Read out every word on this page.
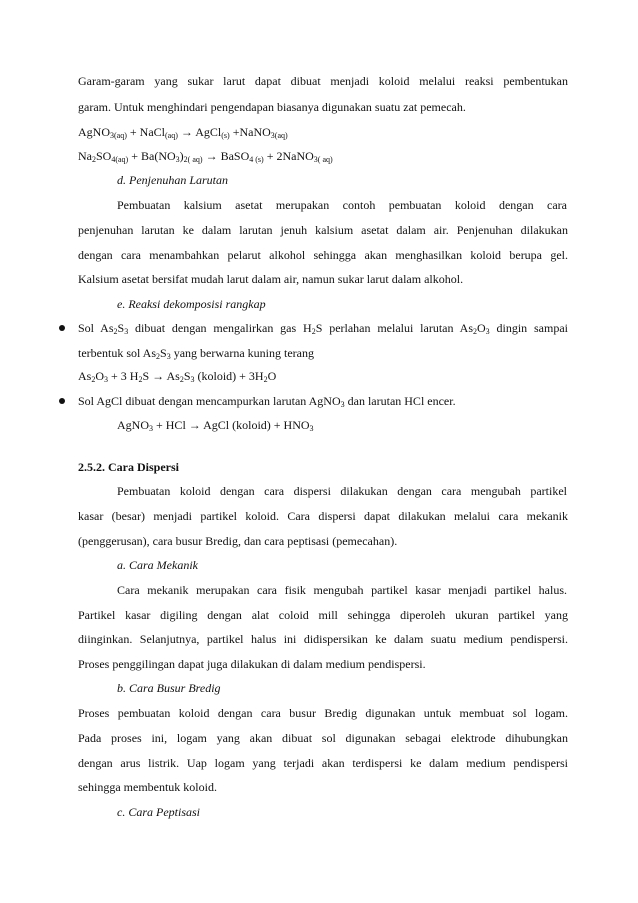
Garam-garam yang sukar larut dapat dibuat menjadi koloid melalui reaksi pembentukan
garam. Untuk menghindari pengendapan biasanya digunakan suatu zat pemecah.
AgNO$_{3(aq)}$ + NaCl$_{(aq)}$ → AgCl$_{(s)}$ +NaNO$_{3(aq)}$
$Na_2SO_{4(aq)} + Ba(NO_3)_{2( aq)}$ → BaSO$_{4 (s)}$ + 2NaNO$_{3( aq)}$
d. Penjenuhan Larutan
Pembuatan kalsium asetat merupakan contoh pembuatan koloid dengan cara
penjenuhan larutan ke dalam larutan jenuh kalsium asetat dalam air. Penjenuhan dilakukan
dengan cara menambahkan pelarut alkohol sehingga akan menghasilkan koloid berupa gel.
Kalsium asetat bersifat mudah larut dalam air, namun sukar larut dalam alkohol.
e. Reaksi dekomposisi rangkap
Sol $As_2S_3$ dibuat dengan mengalirkan gas $H_2S$ perlahan melalui larutan $As_2O_3$ dingin sampai
terbentuk sol $As_2S_3$ yang berwarna kuning terang
$As_2O_3 + 3$ $H_2S \to As_2S_3$ (koloid) + $3H_2O$
Sol AgCl dibuat dengan mencampurkan larutan AgNO$_3$ dan larutan HCl encer.
AgNO$_3$ + HCl → AgCl (koloid) + $HNO_3$
2.5.2. Cara Dispersi
Pembuatan koloid dengan cara dispersi dilakukan dengan cara mengubah partikel
kasar (besar) menjadi partikel koloid. Cara dispersi dapat dilakukan melalui cara mekanik
(penggerusan), cara busur Bredig, dan cara peptisasi (pemecahan).
a. Cara Mekanik
Cara mekanik merupakan cara fisik mengubah partikel kasar menjadi partikel halus.
Partikel kasar digiling dengan alat coloid mill sehingga diperoleh ukuran partikel yang
diinginkan. Selanjutnya, partikel halus ini didispersikan ke dalam suatu medium pendispersi.
Proses penggilingan dapat juga dilakukan di dalam medium pendispersi.
b. Cara Busur Bredig
Proses pembuatan koloid dengan cara busur Bredig digunakan untuk membuat sol logam.
Pada proses ini, logam yang akan dibuat sol digunakan sebagai elektrode dihubungkan
dengan arus listrik. Uap logam yang terjadi akan terdispersi ke dalam medium pendispersi
sehingga membentuk koloid.
c. Cara Peptisasi
